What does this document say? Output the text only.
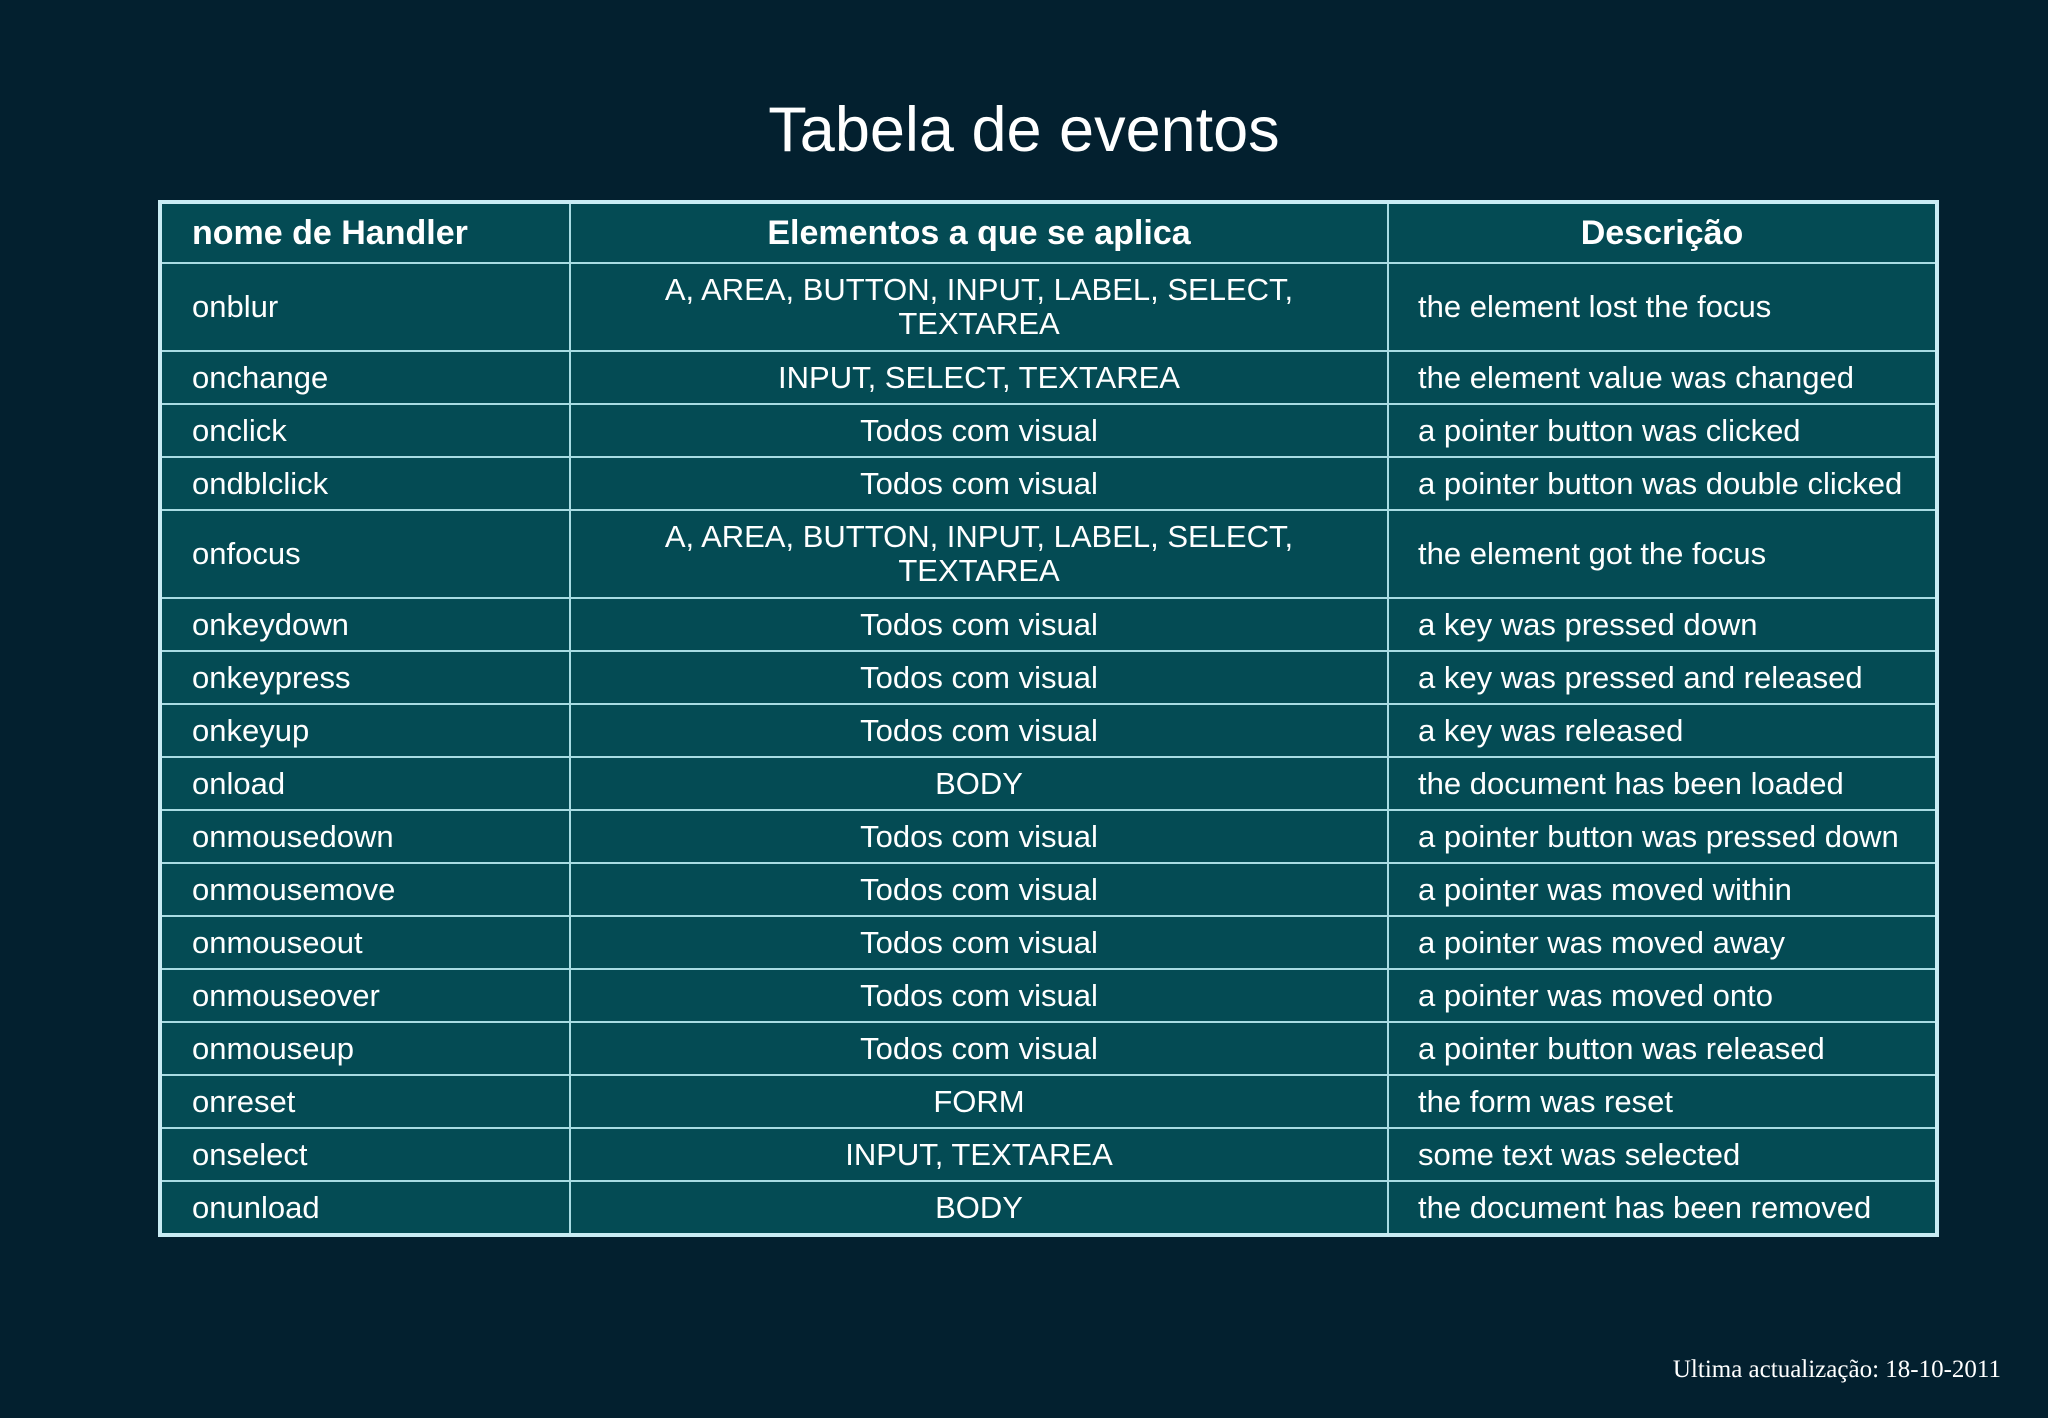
Tabela de eventos
nome de Handler	Elementos a que se aplica	Descrição
onblur	A, AREA, BUTTON, INPUT, LABEL, SELECT, TEXTAREA	the element lost the focus
onchange	INPUT, SELECT, TEXTAREA	the element value was changed
onclick	Todos com visual	a pointer button was clicked
ondblclick	Todos com visual	a pointer button was double clicked
onfocus	A, AREA, BUTTON, INPUT, LABEL, SELECT, TEXTAREA	the element got the focus
onkeydown	Todos com visual	a key was pressed down
onkeypress	Todos com visual	a key was pressed and released
onkeyup	Todos com visual	a key was released
onload	BODY	the document has been loaded
onmousedown	Todos com visual	a pointer button was pressed down
onmousemove	Todos com visual	a pointer was moved within
onmouseout	Todos com visual	a pointer was moved away
onmouseover	Todos com visual	a pointer was moved onto
onmouseup	Todos com visual	a pointer button was released
onreset	FORM	the form was reset
onselect	INPUT, TEXTAREA	some text was selected
onunload	BODY	the document has been removed
Ultima actualização: 18-10-2011
